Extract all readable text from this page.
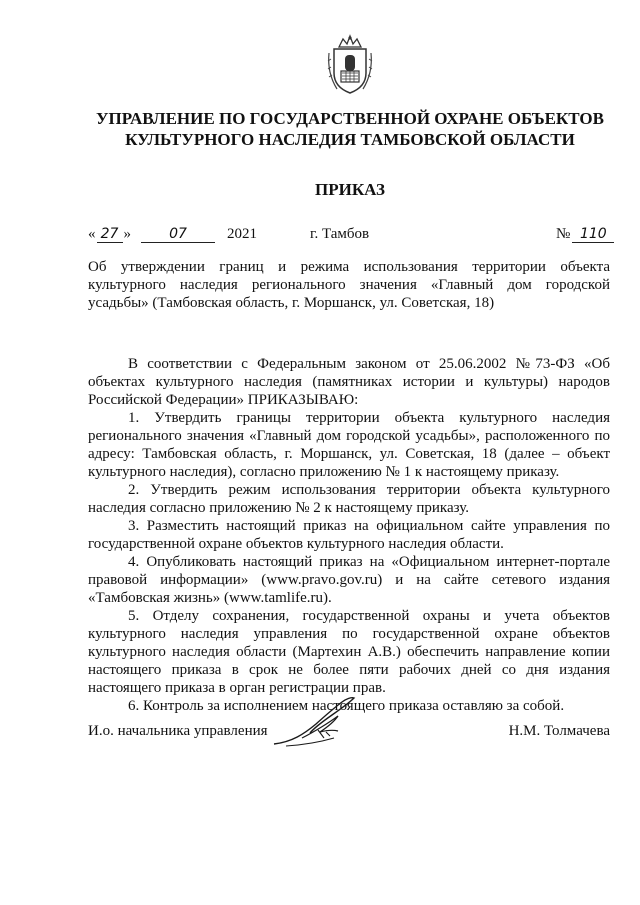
УПРАВЛЕНИЕ ПО ГОСУДАРСТВЕННОЙ ОХРАНЕ ОБЪЕКТОВ
КУЛЬТУРНОГО НАСЛЕДИЯ ТАМБОВСКОЙ ОБЛАСТИ
ПРИКАЗ
« 27 »	07	2021	г. Тамбов	№ 110
Об утверждении границ и режима использования территории объекта культурного наследия регионального значения «Главный дом городской усадьбы» (Тамбовская область, г. Моршанск, ул. Советская, 18)

В соответствии с Федеральным законом от 25.06.2002 №73-ФЗ «Об объектах культурного наследия (памятниках истории и культуры) народов Российской Федерации» ПРИКАЗЫВАЮ:

1. Утвердить границы территории объекта культурного наследия регионального значения «Главный дом городской усадьбы», расположенного по адресу: Тамбовская область, г. Моршанск, ул. Советская, 18 (далее – объект культурного наследия), согласно приложению № 1 к настоящему приказу.

2. Утвердить режим использования территории объекта культурного наследия согласно приложению № 2 к настоящему приказу.

3. Разместить настоящий приказ на официальном сайте управления по государственной охране объектов культурного наследия области.

4. Опубликовать настоящий приказ на «Официальном интернет-портале правовой информации» (www.pravo.gov.ru) и на сайте сетевого издания «Тамбовская жизнь» (www.tamlife.ru).

5. Отделу сохранения, государственной охраны и учета объектов культурного наследия управления по государственной охране объектов культурного наследия области (Мартехин А.В.) обеспечить направление копии настоящего приказа в срок не более пяти рабочих дней со дня издания настоящего приказа в орган регистрации прав.

6. Контроль за исполнением настоящего приказа оставляю за собой.

И.о. начальника управления	Н.М. Толмачева
